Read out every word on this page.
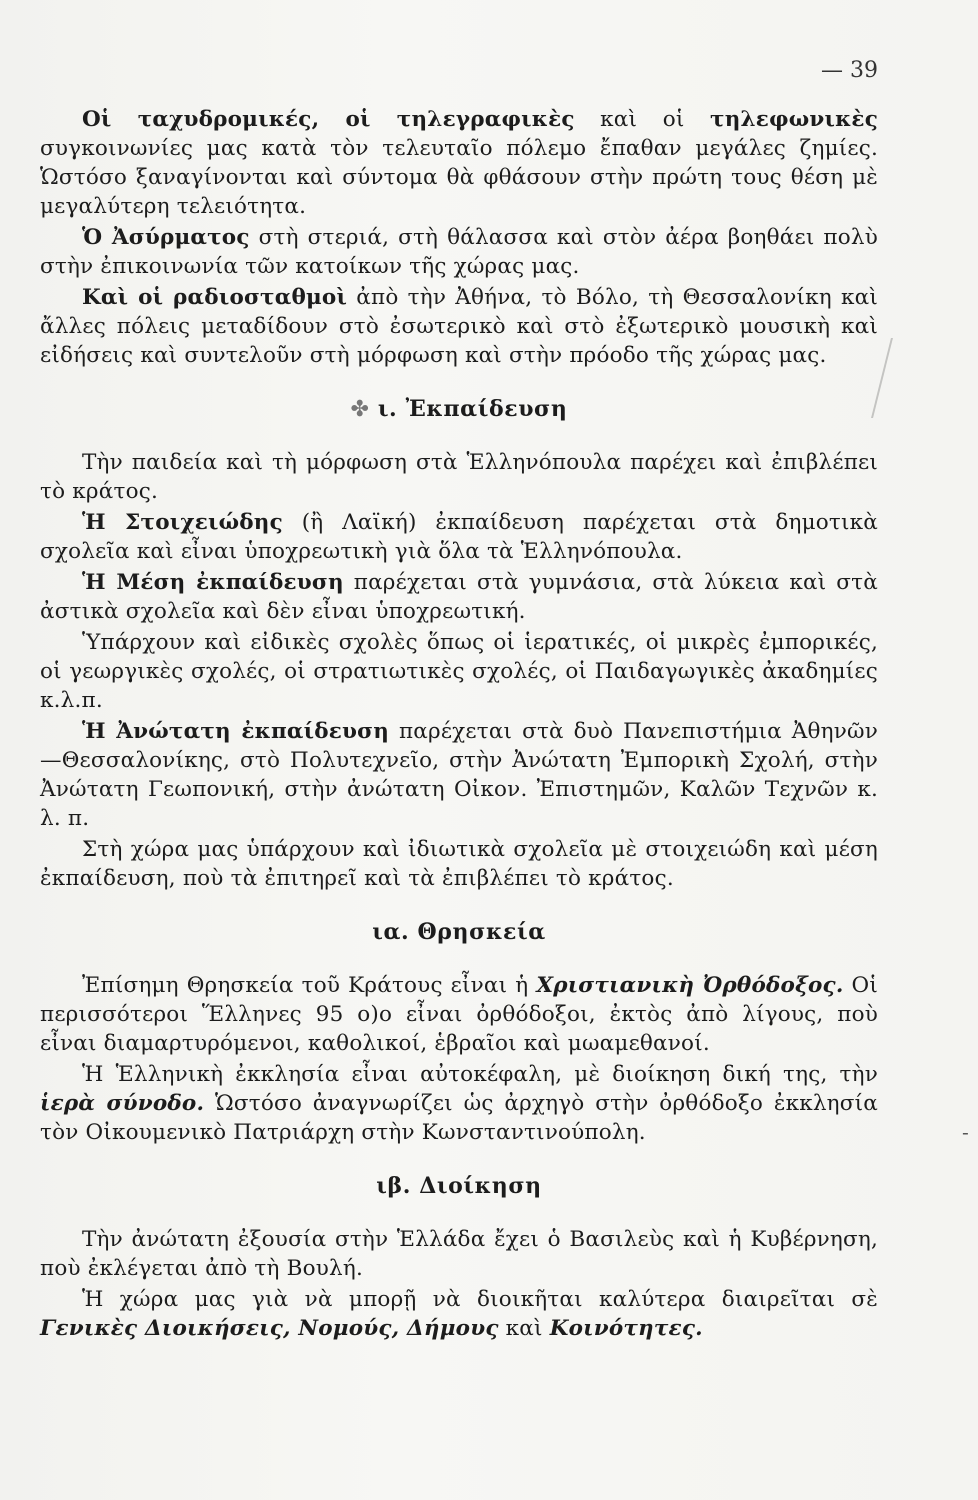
— 39

Οἱ ταχυδρομικές, οἱ τηλεγραφικὲς καὶ οἱ τηλεφωνικὲς συγκοινωνίες μας κατὰ τὸν τελευταῖο πόλεμο ἔπαθαν μεγάλες ζημίες. Ὡστόσο ξαναγίνονται καὶ σύντομα θὰ φθάσουν στὴν πρώτη τους θέση μὲ μεγαλύτερη τελειότητα.

Ὁ Ἀσύρματος στὴ στεριά, στὴ θάλασσα καὶ στὸν ἀέρα βοηθάει πολὺ στὴν ἐπικοινωνία τῶν κατοίκων τῆς χώρας μας.

Καὶ οἱ ραδιοσταθμοὶ ἀπὸ τὴν Ἀθήνα, τὸ Βόλο, τὴ Θεσσαλονίκη καὶ ἄλλες πόλεις μεταδίδουν στὸ ἐσωτερικὸ καὶ στὸ ἐξωτερικὸ μουσικὴ καὶ εἰδήσεις καὶ συντελοῦν στὴ μόρφωση καὶ στὴν πρόοδο τῆς χώρας μας.

✤ ι. Ἐκπαίδευση

Τὴν παιδεία καὶ τὴ μόρφωση στὰ Ἑλληνόπουλα παρέχει καὶ ἐπιβλέπει τὸ κράτος.

Ἡ Στοιχειώδης (ἢ Λαϊκή) ἐκπαίδευση παρέχεται στὰ δημοτικὰ σχολεῖα καὶ εἶναι ὑποχρεωτικὴ γιὰ ὅλα τὰ Ἑλληνόπουλα.

Ἡ Μέση ἐκπαίδευση παρέχεται στὰ γυμνάσια, στὰ λύκεια καὶ στὰ ἀστικὰ σχολεῖα καὶ δὲν εἶναι ὑποχρεωτική.

Ὑπάρχουν καὶ εἰδικὲς σχολὲς ὅπως οἱ ἱερατικές, οἱ μικρὲς ἐμπορικές, οἱ γεωργικὲς σχολές, οἱ στρατιωτικὲς σχολές, οἱ Παιδαγωγικὲς ἀκαδημίες κ.λ.π.

Ἡ Ἀνώτατη ἐκπαίδευση παρέχεται στὰ δυὸ Πανεπιστήμια Ἀθηνῶν—Θεσσαλονίκης, στὸ Πολυτεχνεῖο, στὴν Ἀνώτατη Ἐμπορικὴ Σχολή, στὴν Ἀνώτατη Γεωπονική, στὴν ἀνώτατη Οἰκον. Ἐπιστημῶν, Καλῶν Τεχνῶν κ. λ. π.

Στὴ χώρα μας ὑπάρχουν καὶ ἰδιωτικὰ σχολεῖα μὲ στοιχειώδη καὶ μέση ἐκπαίδευση, ποὺ τὰ ἐπιτηρεῖ καὶ τὰ ἐπιβλέπει τὸ κράτος.

ια. Θρησκεία

Ἐπίσημη Θρησκεία τοῦ Κράτους εἶναι ἡ Χριστιανικὴ Ὀρθόδοξος. Οἱ περισσότεροι Ἕλληνες 95 ο)ο εἶναι ὀρθόδοξοι, ἐκτὸς ἀπὸ λίγους, ποὺ εἶναι διαμαρτυρόμενοι, καθολικοί, ἑβραῖοι καὶ μωαμεθανοί.

Ἡ Ἑλληνικὴ ἐκκλησία εἶναι αὐτοκέφαλη, μὲ διοίκηση δική της, τὴν ἱερὰ σύνοδο. Ὡστόσο ἀναγνωρίζει ὡς ἀρχηγὸ στὴν ὀρθόδοξο ἐκκλησία τὸν Οἰκουμενικὸ Πατριάρχη στὴν Κωνσταντινούπολη.

ιβ. Διοίκηση

Τὴν ἀνώτατη ἐξουσία στὴν Ἑλλάδα ἔχει ὁ Βασιλεὺς καὶ ἡ Κυβέρνηση, ποὺ ἐκλέγεται ἀπὸ τὴ Βουλή.

Ἡ χώρα μας γιὰ νὰ μπορῇ νὰ διοικῆται καλύτερα διαιρεῖται σὲ Γενικὲς Διοικήσεις, Νομούς, Δήμους καὶ Κοινότητες.

-
